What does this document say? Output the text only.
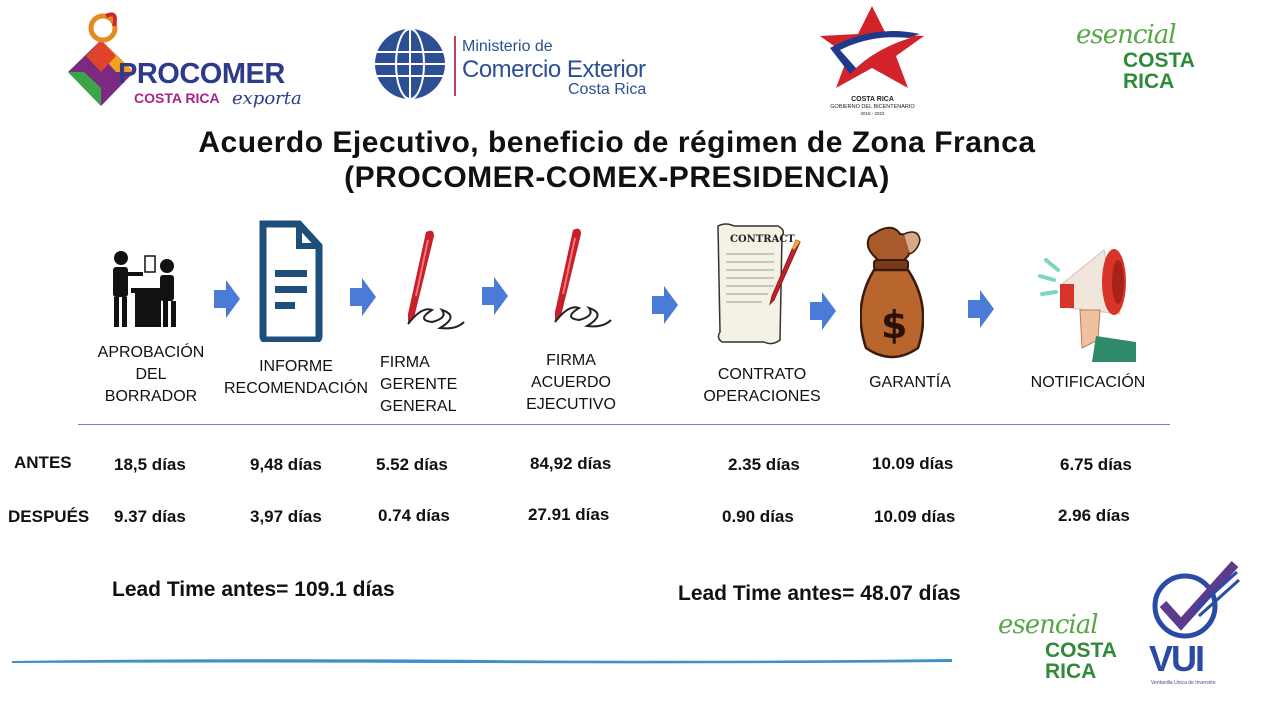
PROCOMER
COSTA RICA exporta
Ministerio de
Comercio Exterior
Costa Rica
COSTA RICA
GOBIERNO DEL BICENTENARIO
2018 - 2022
esencial
COSTA
RICA
Acuerdo Ejecutivo, beneficio de régimen de Zona Franca
(PROCOMER-COMEX-PRESIDENCIA)
CONTRACT
$
APROBACIÓN
DEL
BORRADOR
INFORME
RECOMENDACIÓN
FIRMA
GERENTE
GENERAL
FIRMA
ACUERDO
EJECUTIVO
CONTRATO
OPERACIONES
GARANTÍA	NOTIFICACIÓN
ANTES
DESPUÉS
18,5 días	9,48 días	5.52 días	84,92 días	2.35 días	10.09 días	6.75 días
9.37 días	3,97 días	0.74 días	27.91 días	0.90 días	10.09 días	2.96 días
Lead Time antes= 109.1 días	Lead Time antes= 48.07 días
esencial
COSTA
RICA VUI
Ventanilla Única de Inversión
